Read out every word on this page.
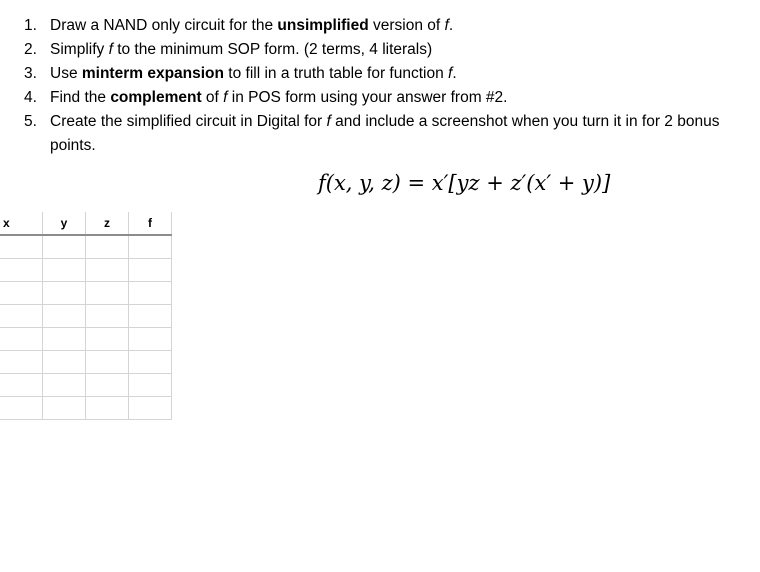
1. Draw a NAND only circuit for the unsimplified version of f.
2. Simplify f to the minimum SOP form. (2 terms, 4 literals)
3. Use minterm expansion to fill in a truth table for function f.
4. Find the complement of f in POS form using your answer from #2.
5. Create the simplified circuit in Digital for f and include a screenshot when you turn it in for 2 bonus points.
f(x, y, z) = x′[yz + z′(x′ + y)]
x	y	z	f
